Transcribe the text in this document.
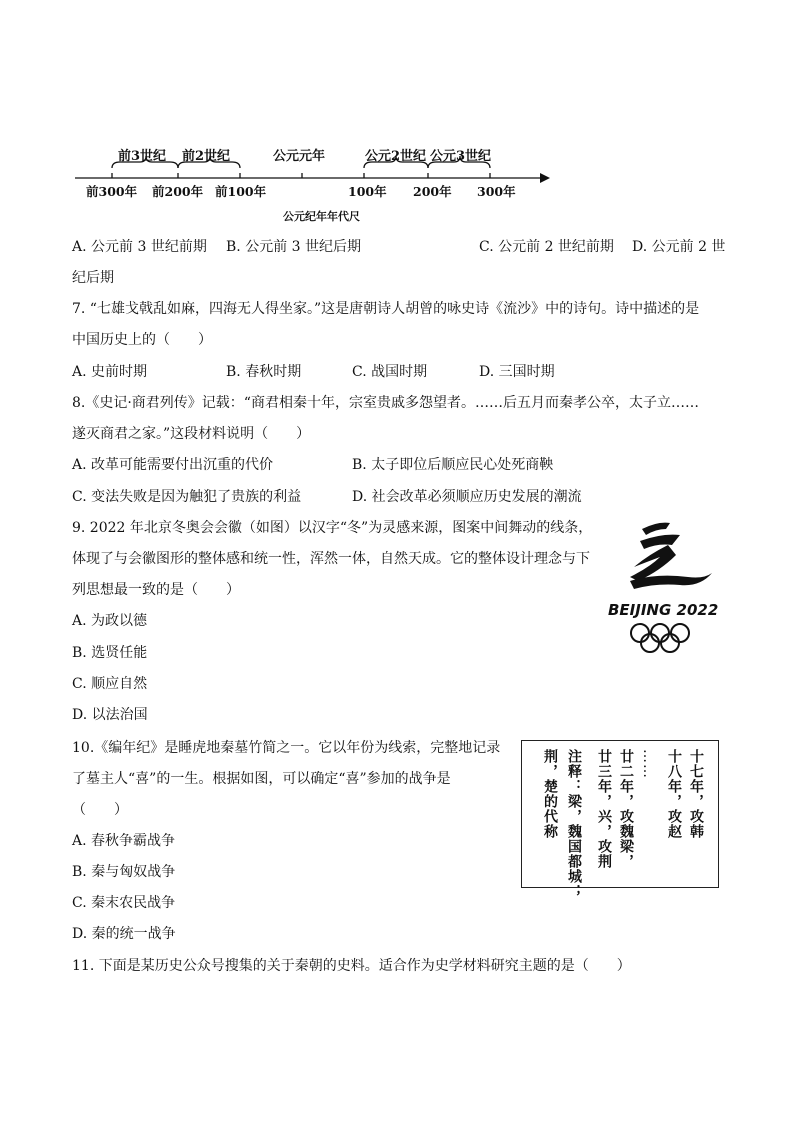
前3世纪 前2世纪	公元元年	公元2世纪 公元3世纪
前300年 前200年 前100年	100年 200年 300年
公元纪年年代尺
A. 公元前 3 世纪前期 B. 公元前 3 世纪后期	C. 公元前 2 世纪前期 D. 公元前 2 世
纪后期
7. “七雄戈戟乱如麻，四海无人得坐家。”这是唐朝诗人胡曾的咏史诗《流沙》中的诗句。诗中描述的是
中国历史上的（　　）
A. 史前时期	B. 春秋时期	C. 战国时期	D. 三国时期
8.《史记·商君列传》记载：“商君相秦十年，宗室贵戚多怨望者。……后五月而秦孝公卒，太子立……
遂灭商君之家。”这段材料说明（　　）
A. 改革可能需要付出沉重的代价	B. 太子即位后顺应民心处死商鞅
C. 变法失败是因为触犯了贵族的利益	D. 社会改革必须顺应历史发展的潮流
9. 2022 年北京冬奥会会徽（如图）以汉字“冬”为灵感来源，图案中间舞动的线条，
体现了与会徽图形的整体感和统一性，浑然一体，自然天成。它的整体设计理念与下
列思想最一致的是（　　）
A. 为政以德
B. 选贤任能
C. 顺应自然
D. 以法治国
BEIJING 2022
10.《编年纪》是睡虎地秦墓竹简之一。它以年份为线索，完整地记录
了墓主人“喜”的一生。根据如图，可以确定“喜”参加的战争是
（　　）
A. 春秋争霸战争
B. 秦与匈奴战争
C. 秦末农民战争
D. 秦的统一战争
十七年，攻韩
十八年，攻赵
……
廿二年，攻魏梁，
廿三年，兴，攻荆
注释：梁，魏国都城；
荆，楚的代称
11. 下面是某历史公众号搜集的关于秦朝的史料。适合作为史学材料研究主题的是（　　）
